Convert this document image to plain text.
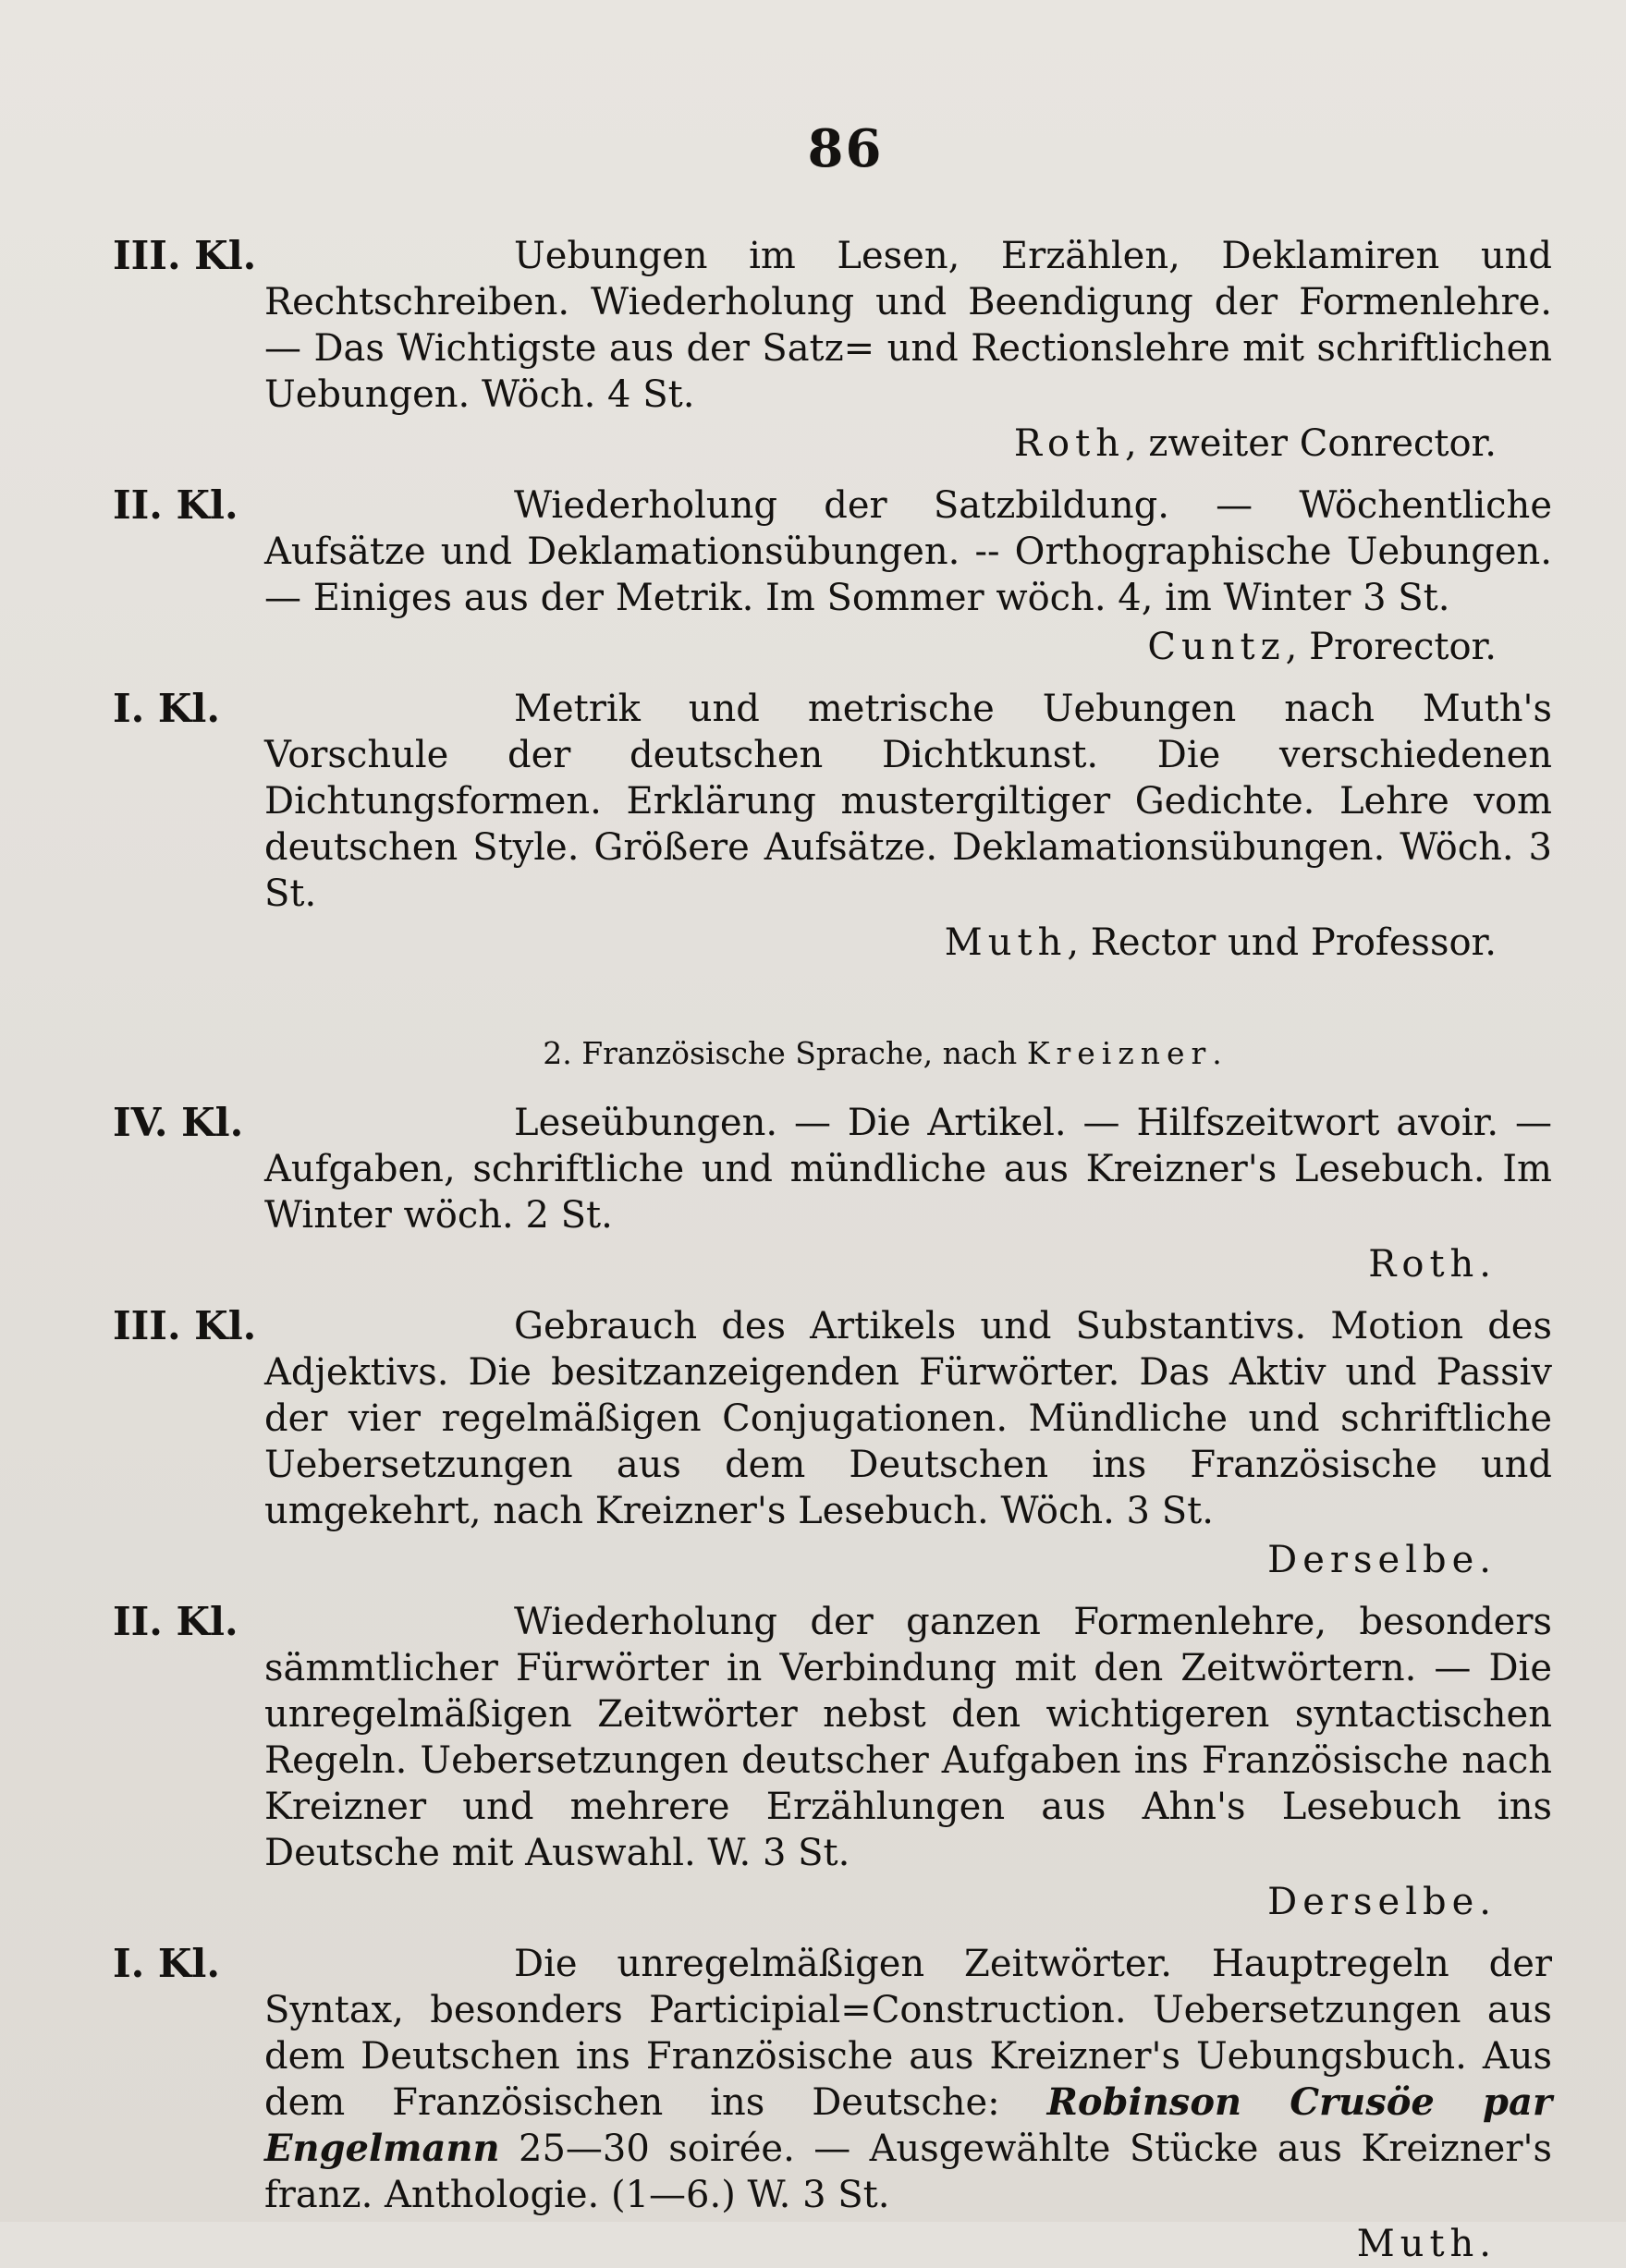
86
III. Kl.	Uebungen im Lesen, Erzählen, Deklamiren und Rechtschreiben. Wiederholung und Beendigung der Formenlehre. — Das Wichtigste aus der Satz= und Rectionslehre mit schriftlichen Uebungen. Wöch. 4 St.
Roth, zweiter Conrector.
II. Kl.	Wiederholung der Satzbildung. — Wöchentliche Aufsätze und Deklamationsübungen. -- Orthographische Uebungen. — Einiges aus der Metrik. Im Sommer wöch. 4, im Winter 3 St.
Cuntz, Prorector.
I. Kl.	Metrik und metrische Uebungen nach Muth's Vorschule der deutschen Dichtkunst. Die verschiedenen Dichtungsformen. Erklärung mustergiltiger Gedichte. Lehre vom deutschen Style. Größere Aufsätze. Deklamationsübungen. Wöch. 3 St.
Muth, Rector und Professor.
2. Französische Sprache, nach Kreizner.
IV. Kl.	Leseübungen. — Die Artikel. — Hilfszeitwort avoir. — Aufgaben, schriftliche und mündliche aus Kreizner's Lesebuch. Im Winter wöch. 2 St.
Roth.
III. Kl.	Gebrauch des Artikels und Substantivs. Motion des Adjektivs. Die besitzanzeigenden Fürwörter. Das Aktiv und Passiv der vier regelmäßigen Conjugationen. Mündliche und schriftliche Uebersetzungen aus dem Deutschen ins Französische und umgekehrt, nach Kreizner's Lesebuch. Wöch. 3 St.
Derselbe.
II. Kl.	Wiederholung der ganzen Formenlehre, besonders sämmtlicher Fürwörter in Verbindung mit den Zeitwörtern. — Die unregelmäßigen Zeitwörter nebst den wichtigeren syntactischen Regeln. Uebersetzungen deutscher Aufgaben ins Französische nach Kreizner und mehrere Erzählungen aus Ahn's Lesebuch ins Deutsche mit Auswahl. W. 3 St.
Derselbe.
I. Kl.	Die unregelmäßigen Zeitwörter. Hauptregeln der Syntax, besonders Participial=Construction. Uebersetzungen aus dem Deutschen ins Französische aus Kreizner's Uebungsbuch. Aus dem Französischen ins Deutsche: Robinson Crusöe par Engelmann 25—30 soirée. — Ausgewählte Stücke aus Kreizner's franz. Anthologie. (1—6.) W. 3 St.
Muth.
